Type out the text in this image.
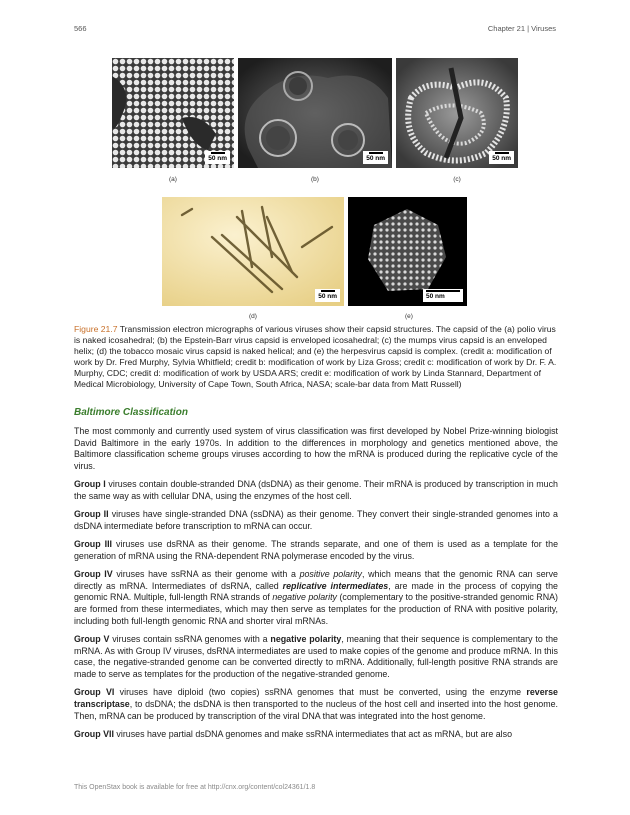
566	Chapter 21 | Viruses
50 nm
(a)
50 nm
(b)
50 nm
(c)
50 nm
(d)
50 nm
(e)
Figure 21.7 Transmission electron micrographs of various viruses show their capsid structures. The capsid of the (a) polio virus is naked icosahedral; (b) the Epstein-Barr virus capsid is enveloped icosahedral; (c) the mumps virus capsid is an enveloped helix; (d) the tobacco mosaic virus capsid is naked helical; and (e) the herpesvirus capsid is complex. (credit a: modification of work by Dr. Fred Murphy, Sylvia Whitfield; credit b: modification of work by Liza Gross; credit c: modification of work by Dr. F. A. Murphy, CDC; credit d: modification of work by USDA ARS; credit e: modification of work by Linda Stannard, Department of Medical Microbiology, University of Cape Town, South Africa, NASA; scale-bar data from Matt Russell)
Baltimore Classification

The most commonly and currently used system of virus classification was first developed by Nobel Prize-winning biologist David Baltimore in the early 1970s. In addition to the differences in morphology and genetics mentioned above, the Baltimore classification scheme groups viruses according to how the mRNA is produced during the replicative cycle of the virus.

Group I viruses contain double-stranded DNA (dsDNA) as their genome. Their mRNA is produced by transcription in much the same way as with cellular DNA, using the enzymes of the host cell.

Group II viruses have single-stranded DNA (ssDNA) as their genome. They convert their single-stranded genomes into a dsDNA intermediate before transcription to mRNA can occur.

Group III viruses use dsRNA as their genome. The strands separate, and one of them is used as a template for the generation of mRNA using the RNA-dependent RNA polymerase encoded by the virus.

Group IV viruses have ssRNA as their genome with a positive polarity, which means that the genomic RNA can serve directly as mRNA. Intermediates of dsRNA, called replicative intermediates, are made in the process of copying the genomic RNA. Multiple, full-length RNA strands of negative polarity (complementary to the positive-stranded genomic RNA) are formed from these intermediates, which may then serve as templates for the production of RNA with positive polarity, including both full-length genomic RNA and shorter viral mRNAs.

Group V viruses contain ssRNA genomes with a negative polarity, meaning that their sequence is complementary to the mRNA. As with Group IV viruses, dsRNA intermediates are used to make copies of the genome and produce mRNA. In this case, the negative-stranded genome can be converted directly to mRNA. Additionally, full-length positive RNA strands are made to serve as templates for the production of the negative-stranded genome.

Group VI viruses have diploid (two copies) ssRNA genomes that must be converted, using the enzyme reverse transcriptase, to dsDNA; the dsDNA is then transported to the nucleus of the host cell and inserted into the host genome. Then, mRNA can be produced by transcription of the viral DNA that was integrated into the host genome.

Group VII viruses have partial dsDNA genomes and make ssRNA intermediates that act as mRNA, but are also

This OpenStax book is available for free at http://cnx.org/content/col24361/1.8
